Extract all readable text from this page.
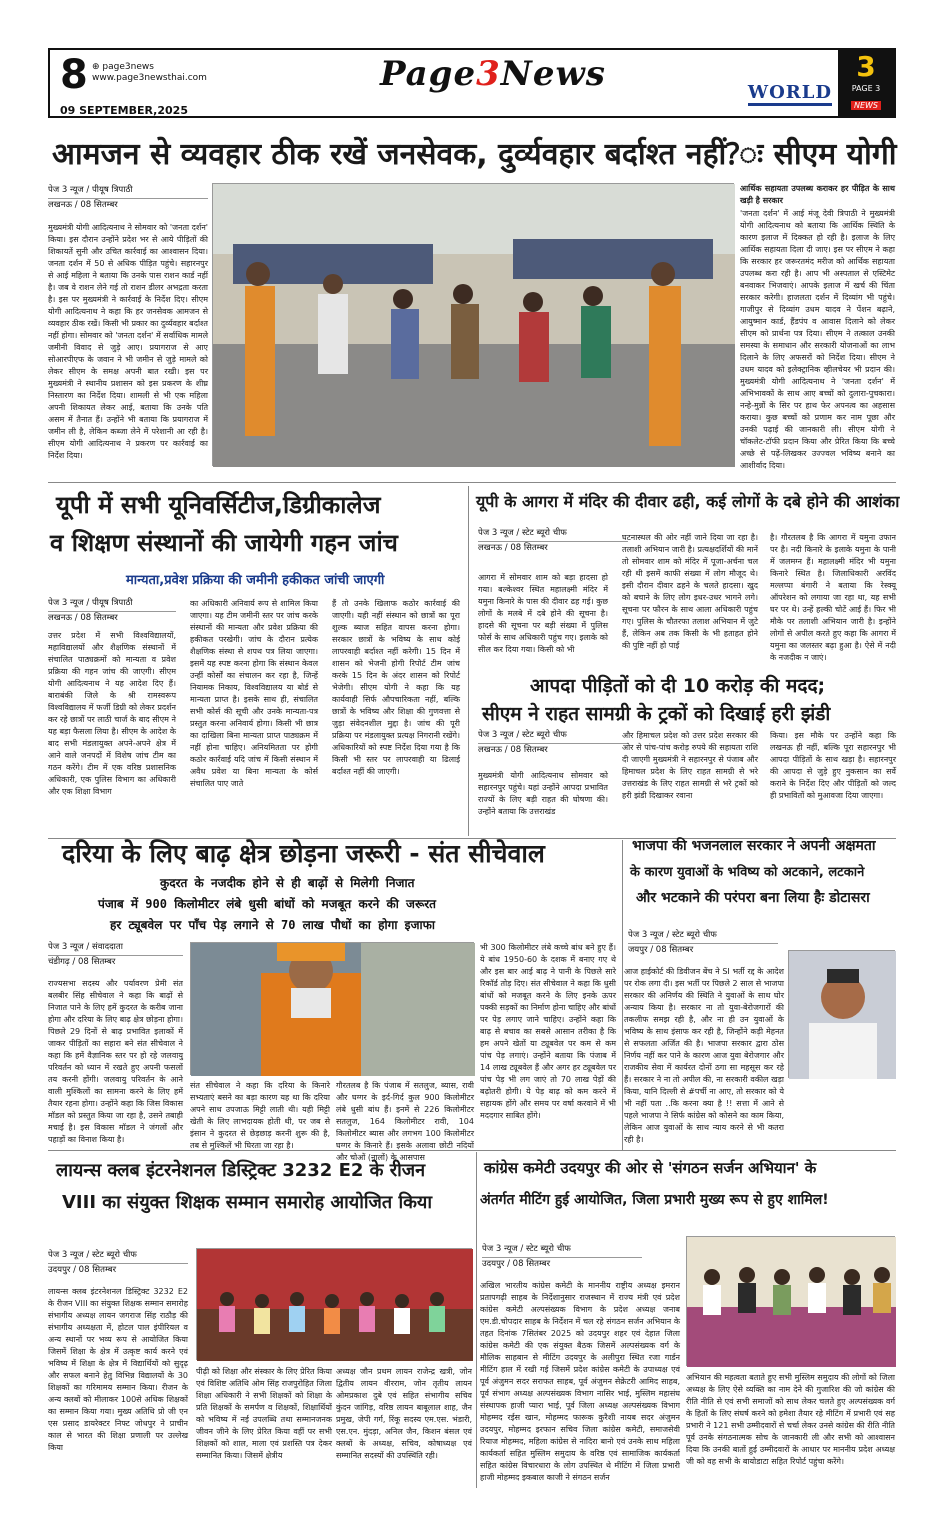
8 ⊕ page3news
www.page3newsthai.com
09 SEPTEMBER,2025
Page3News	WORLD
3
PAGE 3
NEWS
आमजन से व्यवहार ठीक रखें जनसेवक, दुर्व्यवहार बर्दाश्त नहीं?ः सीएम योगी
पेज 3 न्यूज / पीयूष त्रिपाठी
लखनऊ / 08 सितम्बर
मुख्यमंत्री योगी आदित्यनाथ ने सोमवार को 'जनता दर्शन' किया। इस दौरान उन्होंने प्रदेश भर से आये पीड़ितों की शिकायतें सुनी और उचित कार्रवाई का आश्वासन दिया। जनता दर्शन में 50 से अधिक पीड़ित पहुंचे। सहारनपुर से आई महिला ने बताया कि उनके पास राशन कार्ड नहीं है। जब वे राशन लेने गई तो राशन डीलर अभद्रता करता है। इस पर मुख्यमंत्री ने कार्रवाई के निर्देश दिए। सीएम योगी आदित्यनाथ ने कहा कि हर जनसेवक आमजन से व्यवहार ठीक रखें। किसी भी प्रकार का दुर्व्यवहार बर्दाश्त नहीं होगा। सोमवार को 'जनता दर्शन' में सर्वाधिक मामले जमीनी विवाद से जुड़े आए। प्रयागराज से आए सोआरपीएफ के जवान ने भी जमीन से जुड़े मामले को लेकर सीएम के समक्ष अपनी बात रखी। इस पर मुख्यमंत्री ने स्थानीय प्रशासन को इस प्रकरण के शीघ्र निस्तारण का निर्देश दिया। शामली से भी एक महिला अपनी शिकायत लेकर आई, बताया कि उनके पति असम में तैनात हैं। उन्होंने भी बताया कि प्रयागराज में जमीन ली है, लेकिन कब्जा लेने में परेशानी आ रही है। सीएम योगी आदित्यनाथ ने प्रकरण पर कार्रवाई का निर्देश दिया।
आर्थिक सहायता उपलब्ध कराकर हर पीड़ित के साथ खड़ी है सरकार
'जनता दर्शन' में आई मंजू देवी त्रिपाठी ने मुख्यमंत्री योगी आदित्यनाथ को बताया कि आर्थिक स्थिति के कारण इलाज में दिक्कत हो रही है। इलाज के लिए आर्थिक सहायता दिला दी जाए। इस पर सीएम ने कहा कि सरकार हर जरूरतमंद मरीज को आर्थिक सहायता उपलब्ध करा रही है। आप भी अस्पताल से एस्टिमेट बनवाकर भिजवाएं। आपके इलाज में खर्च की चिंता सरकार करेगी। हाजलता दर्शन में दिव्यांग भी पहुंचे। गाजीपुर से दिव्यांग उधम यादव ने पेंशन बढ़ाने, आयुष्मान कार्ड, हैंडपंप व आवास दिलाने को लेकर सीएम को प्रार्थना पत्र दिया। सीएम ने तत्काल उनकी समस्या के समाधान और सरकारी योजनाओं का लाभ दिलाने के लिए अफसरों को निर्देश दिया। सीएम ने उधम यादव को इलेक्ट्रानिक व्हीलचेयर भी प्रदान की। मुख्यमंत्री योगी आदित्यनाथ ने 'जनता दर्शन' में अभिभावकों के साथ आए बच्चों को दुलारा-पुचकारा। नन्हे-मुन्नों के सिर पर हाथ फेर अपनत्व का अहसास कराया। कुछ बच्चों को प्रणाम कर नाम पूछा और उनकी पढ़ाई की जानकारी ली। सीएम योगी ने चॉकलेट-टॉफी प्रदान किया और प्रेरित किया कि बच्चे अच्छे से पढ़ें-लिखकर उज्ज्वल भविष्य बनाने का आशीर्वाद दिया।
यूपी में सभी यूनिवर्सिटीज,डिग्रीकालेज
व शिक्षण संस्थानों की जायेगी गहन जांच
मान्यता,प्रवेश प्रक्रिया की जमीनी हकीकत जांची जाएगी
पेज 3 न्यूज / पीयूष त्रिपाठी
लखनऊ / 08 सितम्बर
उत्तर प्रदेश में सभी विश्वविद्यालयों, महाविद्यालयों और शैक्षणिक संस्थानों में संचालित पाठ्यक्रमों को मान्यता व प्रवेश प्रक्रिया की गहन जांच की जाएगी। सीएम योगी आदित्यनाथ ने यह आदेश दिए हैं। बाराबंकी जिले के श्री रामस्वरूप विश्वविद्यालय में फर्जी डिग्री को लेकर प्रदर्शन कर रहे छात्रों पर लाठी चार्ज के बाद सीएम ने यह बड़ा फैसला लिया है। सीएम के आदेश के बाद सभी मंडलायुक्त अपने-अपने क्षेत्र में आने वाले जनपदों में विशेष जांच टीम का गठन करेंगे। टीम में एक वरिष्ठ प्रशासनिक अधिकारी, एक पुलिस विभाग का अधिकारी और एक शिक्षा विभाग
का अधिकारी अनिवार्य रूप से शामिल किया जाएगा। यह टीम जमीनी स्तर पर जांच करके संस्थानों की मान्यता और प्रवेश प्रक्रिया की हकीकत परखेगी। जांच के दौरान प्रत्येक शैक्षणिक संस्था से शपथ पत्र लिया जाएगा। इसमें यह स्पष्ट करना होगा कि संस्थान केवल उन्हीं कोर्सों का संचालन कर रहा है, जिन्हें नियामक निकाय, विश्वविद्यालय या बोर्ड से मान्यता प्राप्त है। इसके साथ ही, संचालित सभी कोर्स की सूची और उनके मान्यता-पत्र प्रस्तुत करना अनिवार्य होगा। किसी भी छात्र का दाखिला बिना मान्यता प्राप्त पाठ्यक्रम में नहीं होना चाहिए। अनियमितता पर होगी कठोर कार्रवाई यदि जांच में किसी संस्थान में अवैध प्रवेश या बिना मान्यता के कोर्स संचालित पाए जाते
हैं तो उनके खिलाफ कठोर कार्रवाई की जाएगी। यही नहीं संस्थान को छात्रों का पूरा शुल्क ब्याज सहित वापस करना होगा। सरकार छात्रों के भविष्य के साथ कोई लापरवाही बर्दाश्त नहीं करेगी। 15 दिन में शासन को भेजनी होगी रिपोर्ट टीम जांच करके 15 दिन के अंदर शासन को रिपोर्ट भेजेगी। सीएम योगी ने कहा कि यह कार्यवाही सिर्फ औपचारिकता नहीं, बल्कि छात्रों के भविष्य और शिक्षा की गुणवत्ता से जुड़ा संवेदनशील मुद्दा है। जांच की पूरी प्रक्रिया पर मंडलायुक्त प्रत्यक्ष निगरानी रखेंगे। अधिकारियों को स्पष्ट निर्देश दिया गया है कि किसी भी स्तर पर लापरवाही या ढिलाई बर्दाश्त नहीं की जाएगी।
यूपी के आगरा में मंदिर की दीवार ढही, कई लोगों के दबे होने की आशंका
पेज 3 न्यूज / स्टेट ब्यूरो चीफ
लखनऊ / 08 सितम्बर
आगरा में सोमवार शाम को बड़ा हादसा हो गया। बल्केश्वर स्थित महालक्ष्मी मंदिर में यमुना किनारे के पास की दीवार ढह गई। कुछ लोगों के मलबे में दबे होने की सूचना है। हादसे की सूचना पर बड़ी संख्या में पुलिस फोर्स के साथ अधिकारी पहुंच गए। इलाके को सील कर दिया गया। किसी को भी
घटनास्थल की ओर नहीं जाने दिया जा रहा है। तलाशी अभियान जारी है। प्रत्यक्षदर्शियों की मानें तो सोमवार शाम को मंदिर में पूजा-अर्चना चल रही थी इसमें काफी संख्या में लोग मौजूद थे। इसी दौरान दीवार ढहने के चलते हादसा। खुद को बचाने के लिए लोग इधर-उधर भागने लगे। सूचना पर फौरन के साथ आला अधिकारी पहुंच गए। पुलिस के चौतरफा तलाश अभियान में जुटे हैं, लेकिन अब तक किसी के भी हताहत होने की पुष्टि नहीं हो पाई
है। गौरतलब है कि आगरा में यमुना उफान पर है। नदी किनारे के इलाके यमुना के पानी में जलमग्न हैं। महालक्ष्मी मंदिर भी यमुना किनारे स्थित है। जिलाधिकारी अरविंद मल्लप्पा बंगारी ने बताया कि रेस्क्यू ऑपरेशन को लगाया जा रहा था, यह सभी घर पर थे। उन्हें हल्की चोटें आई हैं। फिर भी मौके पर तलाशी अभियान जारी है। इन्होंने लोगों से अपील करते हुए कहा कि आगरा में यमुना का जलस्तर बढ़ा हुआ है। ऐसे में नदी के नजदीक न जाएं।
आपदा पीड़ितों को दी 10 करोड़ की मदद;
सीएम ने राहत सामग्री के ट्रकों को दिखाई हरी झंडी
पेज 3 न्यूज / स्टेट ब्यूरो चीफ
लखनऊ / 08 सितम्बर
मुख्यमंत्री योगी आदित्यनाथ सोमवार को सहारनपुर पहुंचे। यहां उन्होंने आपदा प्रभावित राज्यों के लिए बड़ी राहत की घोषणा की। उन्होंने बताया कि उत्तराखंड
और हिमाचल प्रदेश को उत्तर प्रदेश सरकार की ओर से पांच-पांच करोड़ रुपये की सहायता राशि दी जाएगी मुख्यमंत्री ने सहारनपुर से पंजाब और हिमाचल प्रदेश के लिए राहत सामग्री से भरे उत्तराखंड के लिए राहत सामग्री से भरे ट्रकों को हरी झंडी दिखाकर रवाना
किया। इस मौके पर उन्होंने कहा कि लखनऊ ही नहीं, बल्कि पूरा सहारनपुर भी आपदा पीड़ितों के साथ खड़ा है। सहारनपुर की आपदा से जुड़े हुए नुकसान का सर्वे कराने के निर्देश दिए और पीड़ितों को जल्द ही प्रभावितों को मुआवजा दिया जाएगा।
दरिया के लिए बाढ़ क्षेत्र छोड़ना जरूरी - संत सीचेवाल
कुदरत के नजदीक होने से ही बाढ़ों से मिलेगी निजात
पंजाब में 900 किलोमीटर लंबे धुसी बांधों को मजबूत करने की जरूरत
हर ट्यूबवेल पर पाँच पेड़ लगाने से 70 लाख पौधों का होगा इजाफा
पेज 3 न्यूज / संवाददाता
चंडीगढ़ / 08 सितम्बर
राज्यसभा सदस्य और पर्यावरण प्रेमी संत बलबीर सिंह सीचेवाल ने कहा कि बाढ़ों से निजात पाने के लिए हमें कुदरत के करीब जाना होगा और दरिया के लिए बाढ़ क्षेत्र छोड़ना होगा। पिछले 29 दिनों से बाढ़ प्रभावित इलाकों में जाकर पीड़ितों का सहारा बने संत सीचेवाल ने कहा कि हमें वैज्ञानिक स्तर पर हो रहे जलवायु परिवर्तन को ध्यान में रखते हुए अपनी फसलों तय करनी होंगी। जलवायु परिवर्तन के आने वाली मुश्किलों का सामना करने के लिए हमें तैयार रहना होगा। उन्होंने कहा कि जिस विकास मॉडल को प्रस्तुत किया जा रहा है, उसने तबाही मचाई है। इस विकास मॉडल ने जंगलों और पहाड़ों का विनाश किया है।
संत सीचेवाल ने कहा कि दरिया के किनारे सभ्यताएं बसने का बड़ा कारण यह था कि दरिया अपने साथ उपजाऊ मिट्टी लाती थी। यही मिट्टी खेती के लिए लाभदायक होती थी, पर जब से इंसान ने कुदरत से छेड़छाड़ करनी शुरू की है, तब से मुश्किलें भी घिरता जा रहा है।
गौरतलब है कि पंजाब में सतलुज, ब्यास, रावी और घग्गर के इर्द-गिर्द कुल 900 किलोमीटर लंबे धुसी बांध हैं। इनमें से 226 किलोमीटर सतलुज, 164 किलोमीटर रावी, 104 किलोमीटर ब्यास और लगभग 100 किलोमीटर घग्गर के किनारे हैं। इसके अलावा छोटी नदियों और चोओं (नालों) के आसपास
भी 300 किलोमीटर लंबे कच्चे बांध बने हुए हैं। ये बांध 1950-60 के दशक में बनाए गए थे और इस बार आई बाढ़ ने पानी के पिछले सारे रिकॉर्ड तोड़ दिए। संत सीचेवाल ने कहा कि धुसी बांधों को मजबूत करने के लिए इनके ऊपर पक्की सड़कों का निर्माण होना चाहिए और बांधों पर पेड़ लगाए जाने चाहिए। उन्होंने कहा कि बाढ़ से बचाव का सबसे आसान तरीका है कि हम अपने खेतों या ट्यूबवेल पर कम से कम पांच पेड़ लगाएं। उन्होंने बताया कि पंजाब में 14 लाख ट्यूबवेल हैं और अगर हर ट्यूबवेल पर पांच पेड़ भी लग जाएं तो 70 लाख पेड़ों की बढ़ोतरी होगी। ये पेड़ बाढ़ को कम करने में सहायक होंगे और समय पर वर्षा करवाने में भी मददगार साबित होंगे।
भाजपा की भजनलाल सरकार ने अपनी अक्षमता
के कारण युवाओं के भविष्य को अटकाने, लटकाने
और भटकाने की परंपरा बना लिया हैः डोटासरा
पेज 3 न्यूज / स्टेट ब्यूरो चीफ
जयपुर / 08 सितम्बर
आज हाईकोर्ट की डिवीजन बेंच ने SI भर्ती रद्द के आदेश पर रोक लगा दी। इस भर्ती पर पिछले 2 साल से भाजपा सरकार की अनिर्णय की स्थिति ने युवाओं के साथ घोर अन्याय किया है। सरकार ना तो युवा-बेरोजगारों की तकलीफ समझ रही है, और ना ही उन युवाओं के भविष्य के साथ इंसाफ कर रही है, जिन्होंने कड़ी मेहनत से सफलता अर्जित की है। भाजपा सरकार द्वारा ठोस निर्णय नहीं कर पाने के कारण आज युवा बेरोजगार और राजकीय सेवा में कार्यरत दोनों ठगा सा महसूस कर रहे हैं। सरकार ने ना तो अपील की, ना सरकारी वकील खड़ा किया, यानि दिल्ली से #पर्ची ना आए, तो सरकार को ये भी नहीं पता ..कि करना क्या है !! सत्ता में आने से पहले भाजपा ने सिर्फ कांग्रेस को कोसने का काम किया, लेकिन आज युवाओं के साथ न्याय करने से भी कतरा रही है।
लायन्स क्लब इंटरनेशनल डिस्ट्रिक्ट 3232 E2 के रीजन
VIII का संयुक्त शिक्षक सम्मान समारोह आयोजित किया
पेज 3 न्यूज / स्टेट ब्यूरो चीफ
उदयपुर / 08 सितम्बर
लायन्स क्लब इंटरनेशनल डिस्ट्रिक्ट 3232 E2 के रीजन VIII का संयुक्त शिक्षक सम्मान समारोह संभागीय अध्यक्ष लायन जगराज सिंह राठौड़ की संभागीय अध्यक्षता में, होटल पाल इंपीरियल व अन्य स्थानों पर भव्य रूप से आयोजित किया जिसमें शिक्षा के क्षेत्र में उत्कृष्ट कार्य करने एवं भविष्य में शिक्षा के क्षेत्र में विद्यार्थियों को सुदृढ़ और सफल बनाने हेतु विभिन्न विद्यालयों के 30 शिक्षकों का गरिमामय सम्मान किया। रीजन के अन्य क्लबों को मीलाकर 100से अधिक शिक्षकों का सम्मान किया गया। मुख्य अतिथि प्रो जी एन एस प्रसाद डायरेक्टर निफ्ट जोधपुर ने प्राचीन काल से भारत की शिक्षा प्रणाली पर उल्लेख किया
पीढ़ी को शिक्षा और संस्कार के लिए प्रेरित किया एवं विशिष्ट अतिथि ओम सिंह राजपुरोहित जिला शिक्षा अधिकारी ने सभी शिक्षकों को शिक्षा के प्रति शिक्षकों के समर्पण व शिक्षकों, शिक्षार्थियों को भविष्य में नई उपलब्धि तथा सम्मानजनक जीवन जीने के लिए प्रेरित किया वहीं पर सभी शिक्षकों को शाल, माला एवं प्रशस्ति पत्र देकर सम्मानित किया। जिसमें क्षेत्रीय
अध्यक्ष जौन प्रथम लायन राजेन्द्र खत्री, जोन द्वितीय लायन वीरराम, जोन तृतीय लायन ओमप्रकाश दुबे एवं सहित संभागीय सचिव कुंदन जांगिड़, वरिष्ठ लायन बाबूलाल शाह, जैन प्रमुख, जेपी गर्ग, रिंकू सदस्य एम.एस. भंडारी, एस.एन. मुंदड़ा, अनिल जैन, किशन बंसल एवं क्लबों के अध्यक्ष, सचिव, कोषाध्यक्ष एवं सम्मानित सदस्यों की उपस्थिति रही।
कांग्रेस कमेटी उदयपुर की ओर से 'संगठन सर्जन अभियान' के
अंतर्गत मीटिंग हुई आयोजित, जिला प्रभारी मुख्य रूप से हुए शामिल!
पेज 3 न्यूज / स्टेट ब्यूरो चीफ
उदयपुर / 08 सितम्बर
अखिल भारतीय कांग्रेस कमेटी के माननीय राष्ट्रीय अध्यक्ष इमरान प्रतापगढ़ी साहब के निर्देशानुसार राजस्थान में राज्य मंत्री एवं प्रदेश कांग्रेस कमेटी अल्पसंख्यक विभाग के प्रदेश अध्यक्ष जनाब एम.डी.चोपदार साहब के निर्देशन में चल रहे संगठन सर्जन अभियान के तहत दिनांक 7सितंबर 2025 को उदयपुर शहर एवं देहात जिला कांग्रेस कमेटी की एक संयुक्त बैठक जिसमें अल्पसंख्यक वर्ग के मौलिक साहबान से मीटिंग उदयपुर के अलीपुरा स्थित रजा गार्डन मीटिंग हाल में रखी गई जिसमें प्रदेश कांग्रेस कमेटी के उपाध्यक्ष एवं पूर्व अंजुमन सदर सराफत साहब, पूर्व अंजुमन सेक्रेटरी आमिद साहब, पूर्व संभाग अध्यक्ष अल्पसंख्यक विभाग नासिर भाई, मुस्लिम महासंघ संस्थापक हाजी प्यारा भाई, पूर्व जिला अध्यक्ष अल्पसंख्यक विभाग मोहम्मद रईस खान, मोहम्मद फारूक कुरैशी नायब सदर अंजुमन उदयपुर, मोहम्मद इरफान सचिव जिला कांग्रेस कमेटी, समाजसेवी रियाज मोहम्मद, महिला कांग्रेस से नादिरा बानो एवं उनके साथ महिला कार्यकर्ता सहित मुस्लिम समुदाय के वरिष्ठ एवं सामाजिक कार्यकर्ता सहित कांग्रेस विचारधारा के लोग उपस्थित थे मीटिंग में जिला प्रभारी हाजी मोहम्मद इकबाल काजी ने संगठन सर्जन
अभियान की महत्वता बताते हुए सभी मुस्लिम समुदाय की लोगों को जिला अध्यक्ष के लिए ऐसे व्यक्ति का नाम देने की गुजारिश की जो कांग्रेस की रीति नीति से एवं सभी समाजों को साथ लेकर चलते हुए अल्पसंख्यक वर्ग के हितों के लिए संघर्ष करने को हमेशा तैयार रहे मीटिंग में प्रभारी एवं सह प्रभारी ने 121 सभी उम्मीदवारों से चर्चा लेकर उनसे कांग्रेस की रीति नीति पूर्व उनके संगठनात्मक सोच के जानकारी ली और सभी को आश्वासन दिया कि उनकी बातों हुई उम्मीदवारों के आधार पर माननीय प्रदेश अध्यक्ष जी को वह सभी के बायोडाटा सहित रिपोर्ट पहुंचा करेंगे।
